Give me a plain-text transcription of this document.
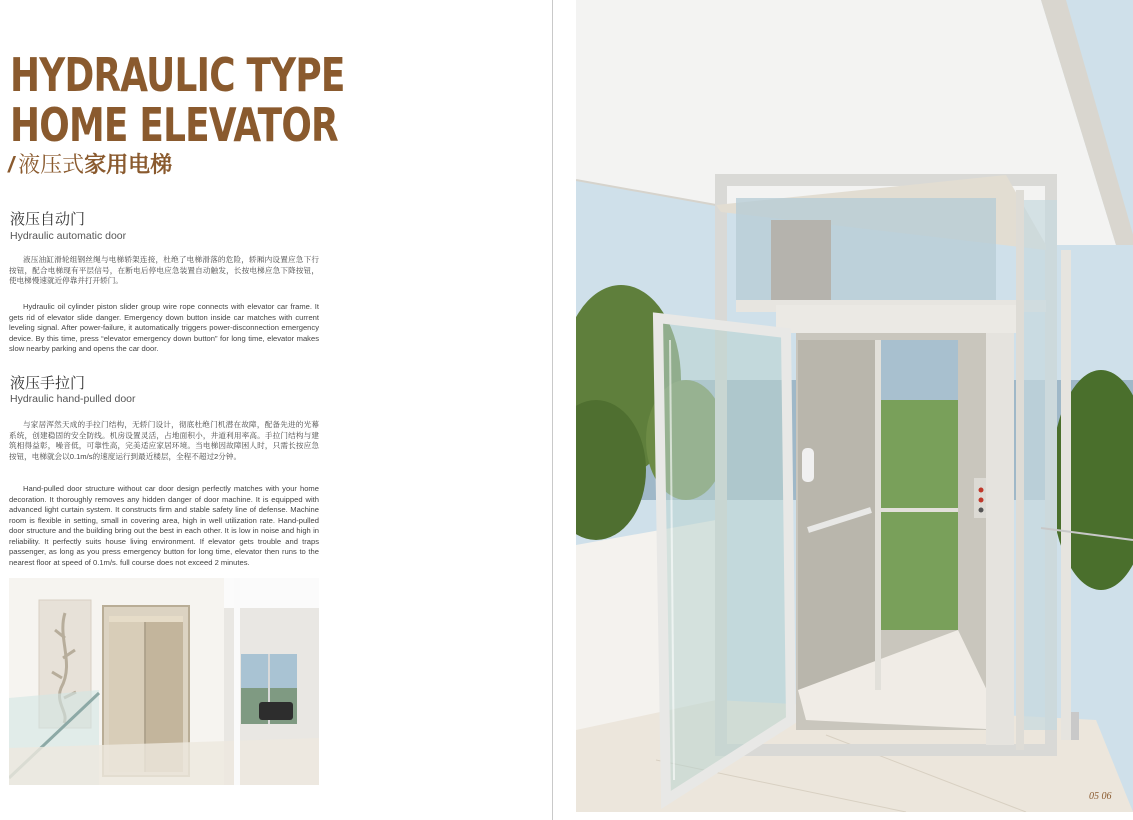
HYDRAULIC TYPE
HOME ELEVATOR
/ 液压式家用电梯
液压自动门
Hydraulic automatic door

液压油缸滑轮组钢丝绳与电梯轿架连接，杜绝了电梯滑落的危险，轿厢内设置应急下行按钮，配合电梯现有平层信号，在断电后停电应急装置自动触发，长按电梯应急下降按钮，使电梯慢速就近停靠并打开轿门。

Hydraulic oil cylinder piston slider group wire rope connects with elevator car frame. It gets rid of elevator slide danger. Emergency down button inside car matches with current leveling signal. After power-failure, it automatically triggers power-disconnection emergency device. By this time, press “elevator emergency down button” for long time, elevator makes slow nearby parking and opens the car door.

液压手拉门
Hydraulic hand-pulled door

与家居浑然天成的手拉门结构，无轿门设计，彻底杜绝门机潜在故障，配备先进的光幕系统，创建稳固的安全防线。机房设置灵活，占地面积小，井道利用率高。手拉门结构与建筑相得益彰，噪音低，可靠性高，完美适应家居环境。当电梯因故障困人时，只需长按应急按钮，电梯就会以0.1m/s的速度运行到最近楼层，全程不超过2分钟。

Hand-pulled door structure without car door design perfectly matches with your home decoration. It thoroughly removes any hidden danger of door machine. It is equipped with advanced light curtain system. It constructs firm and stable safety line of defense. Machine room is flexible in setting, small in covering area, high in well utilization rate. Hand-pulled door structure and the building bring out the best in each other. It is low in noise and high in reliability. It perfectly suits house living environment. If elevator gets trouble and traps passenger, as long as you press emergency button for long time, elevator then runs to the nearest floor at speed of 0.1m/s. full course does not exceed 2 minutes.

05 06
